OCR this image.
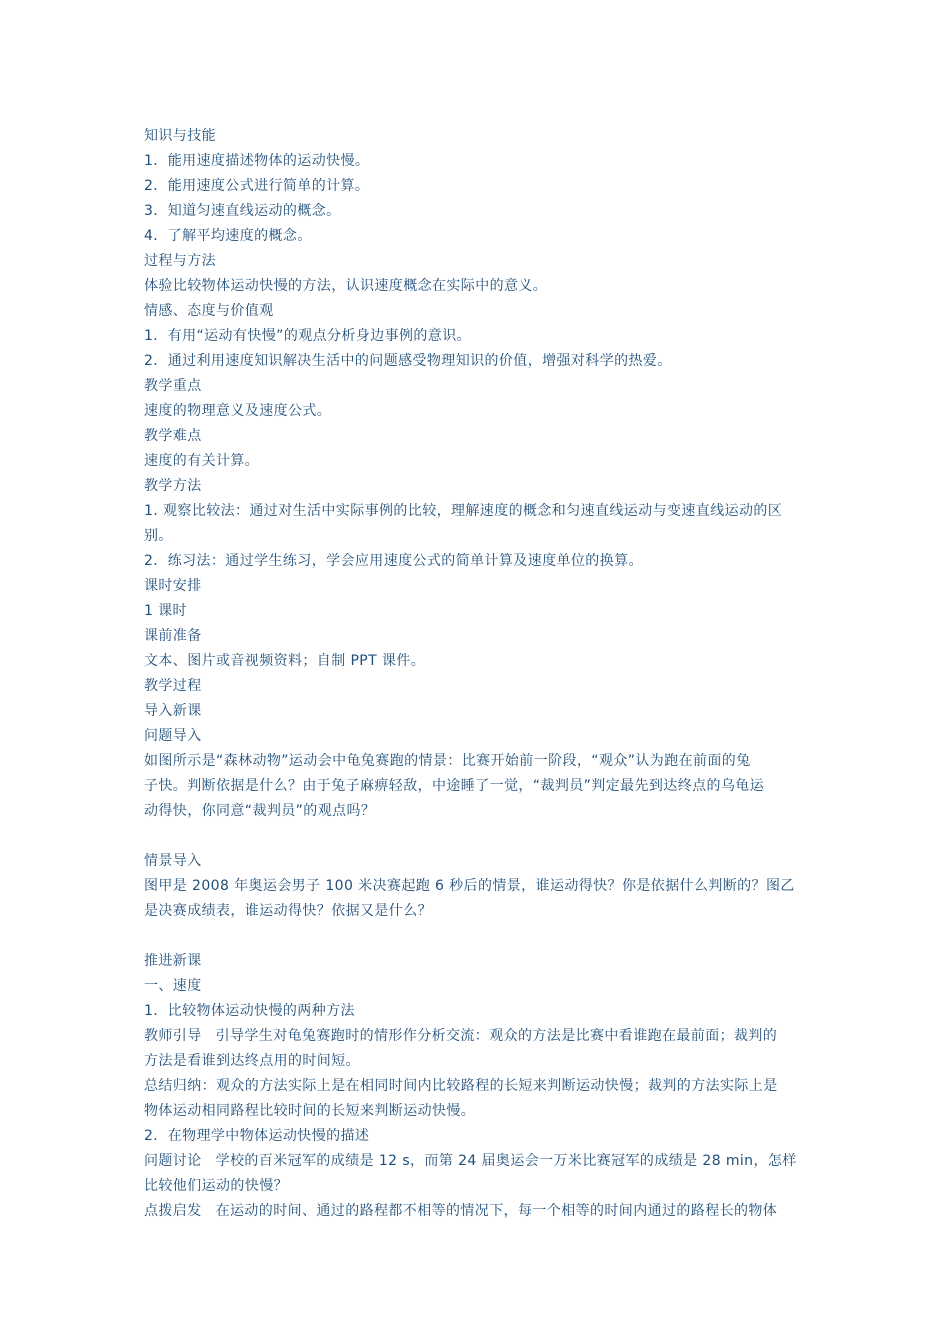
知识与技能

1．能用速度描述物体的运动快慢。

2．能用速度公式进行简单的计算。

3．知道匀速直线运动的概念。

4．了解平均速度的概念。

过程与方法

体验比较物体运动快慢的方法，认识速度概念在实际中的意义。

情感、态度与价值观

1．有用“运动有快慢”的观点分析身边事例的意识。

2．通过利用速度知识解决生活中的问题感受物理知识的价值，增强对科学的热爱。

教学重点

速度的物理意义及速度公式。

教学难点

速度的有关计算。

教学方法

1. 观察比较法：通过对生活中实际事例的比较，理解速度的概念和匀速直线运动与变速直线运动的区

别。

2．练习法：通过学生练习，学会应用速度公式的简单计算及速度单位的换算。

课时安排

1 课时

课前准备

文本、图片或音视频资料；自制 PPT 课件。

教学过程

导入新课

问题导入

如图所示是“森林动物”运动会中龟兔赛跑的情景：比赛开始前一阶段，“观众”认为跑在前面的兔

子快。判断依据是什么？由于兔子麻痹轻敌，中途睡了一觉，“裁判员”判定最先到达终点的乌龟运

动得快，你同意“裁判员”的观点吗？

情景导入

图甲是 2008 年奥运会男子 100 米决赛起跑 6 秒后的情景，谁运动得快？你是依据什么判断的？图乙

是决赛成绩表，谁运动得快？依据又是什么？

推进新课

一、速度

1．比较物体运动快慢的两种方法

教师引导 引导学生对龟兔赛跑时的情形作分析交流：观众的方法是比赛中看谁跑在最前面；裁判的

方法是看谁到达终点用的时间短。

总结归纳：观众的方法实际上是在相同时间内比较路程的长短来判断运动快慢；裁判的方法实际上是

物体运动相同路程比较时间的长短来判断运动快慢。

2．在物理学中物体运动快慢的描述

问题讨论 学校的百米冠军的成绩是 12 s，而第 24 届奥运会一万米比赛冠军的成绩是 28 min，怎样

比较他们运动的快慢？

点拨启发 在运动的时间、通过的路程都不相等的情况下，每一个相等的时间内通过的路程长的物体
